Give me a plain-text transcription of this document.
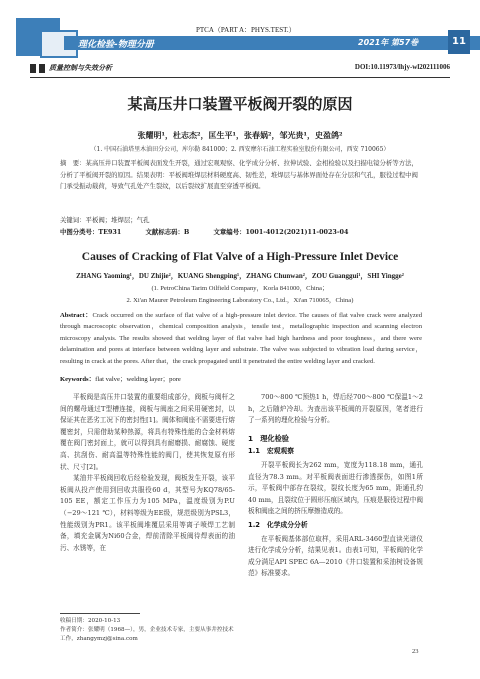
理化检验-物理分册
PTCA（PART A：PHYS.TEST.）
2021年 第57卷	11
质量控制与失效分析	DOI:10.11973/lhjy-wl202111006
某高压井口装置平板阀开裂的原因
张耀明¹，杜志杰²，匡生平¹，张春娲²，邹光贵¹，史盈鸽²
（1. 中国石油塔里木油田分公司，库尔勒 841000；2. 西安摩尔石油工程实验室股份有限公司，西安 710065）
摘　要：某高压井口装置平板阀表面发生开裂，通过宏观观察、化学成分分析、拉伸试验、金相检验以及扫描电镜分析等方法，分析了平板阀开裂的原因。结果表明：平板阀堆焊层材料硬度高、韧性差，堆焊层与基体界面处存在分层和气孔，服役过程中阀门承受振动载荷，导致气孔处产生裂纹，以后裂纹扩展直至穿透平板阀。
关键词：平板阀；堆焊层；气孔
中图分类号：TE931	文献标志码：B	文章编号：1001-4012(2021)11-0023-04
Causes of Cracking of Flat Valve of a High-Pressure Inlet Device
ZHANG Yaoming¹，DU Zhijie²，KUANG Shengping¹，ZHANG Chunwan²，ZOU Guanggui¹，SHI Yingge²
(1. PetroChina Tarim Oilfield Company，Korla 841000，China；
2. Xi'an Maurer Petroleum Engineering Laboratory Co., Ltd.，Xi'an 710065，China)
Abstract：Crack occurred on the surface of flat valve of a high-pressure inlet device. The causes of flat valve crack were analyzed through macroscopic observation，chemical composition analysis，tensile test，metallographic inspection and scanning electron microscopy analysis. The results showed that welding layer of flat valve had high hardness and poor toughness，and there were delamination and pores at interface between welding layer and substrate. The valve was subjected to vibration load during service，resulting in crack at the pores. After that，the crack propagated until it penetrated the entire welding layer and cracked.
Keywords：flat valve；welding layer；pore

平板阀是高压井口装置的重要组成部分，阀板与阀杆之间的螺母通过T型槽连接，阀板与阀座之间采用硬密封，以保证其在恶劣工况下的密封性[1]。阀体和阀座不需要进行熔覆密封，只需借助某种热源，将具有特殊性能的合金材料熔覆在阀门密封面上，就可以得到具有耐磨损、耐腐蚀、硬度高、抗刮伤、耐高温等特殊性能的阀门，使其恢复原有形状、尺寸[2]。

某油井平板阀回收后经检验发现，阀板发生开裂，该平板阀从投产使用到回收共服役60 d，其型号为KQ78/65-105 EE，额定工作压力为105 MPa，温度级别为P.U（−29～121 ℃），材料等级为EE级，规范级别为PSL3，性能级别为PR1。该平板阀堆覆层采用等离子喷焊工艺制备，填充金属为Ni60合金，焊前清除平板阀待焊表面的油污、水锈等，在

700～800 ℃预热1 h，焊后经700～800 ℃保温1～2 h，之后随炉冷却。为查出该平板阀的开裂原因，笔者进行了一系列的理化检验与分析。

1　理化检验
1.1　宏观观察

开裂平板阀长为262 mm，宽度为118.18 mm，通孔直径为78.3 mm。对平板阀表面进行渗透探伤，如图1所示，平板阀中部存在裂纹，裂纹长度为65 mm，距通孔约40 mm，且裂纹位于圆形压痕区域内，压痕是服役过程中阀板和阀座之间的挤压摩擦造成的。

1.2　化学成分分析

在平板阀基体部位取样，采用ARL-3460型直读光谱仪进行化学成分分析，结果见表1。由表1可知，平板阀的化学成分满足API SPEC 6A—2010《井口装置和采油树设备规范》标准要求。

收稿日期：2020-10-13
作者简介：张耀明（1968—），男，企业技术专家，主要从事井控技术工作，zhangymzj@sina.com
23
